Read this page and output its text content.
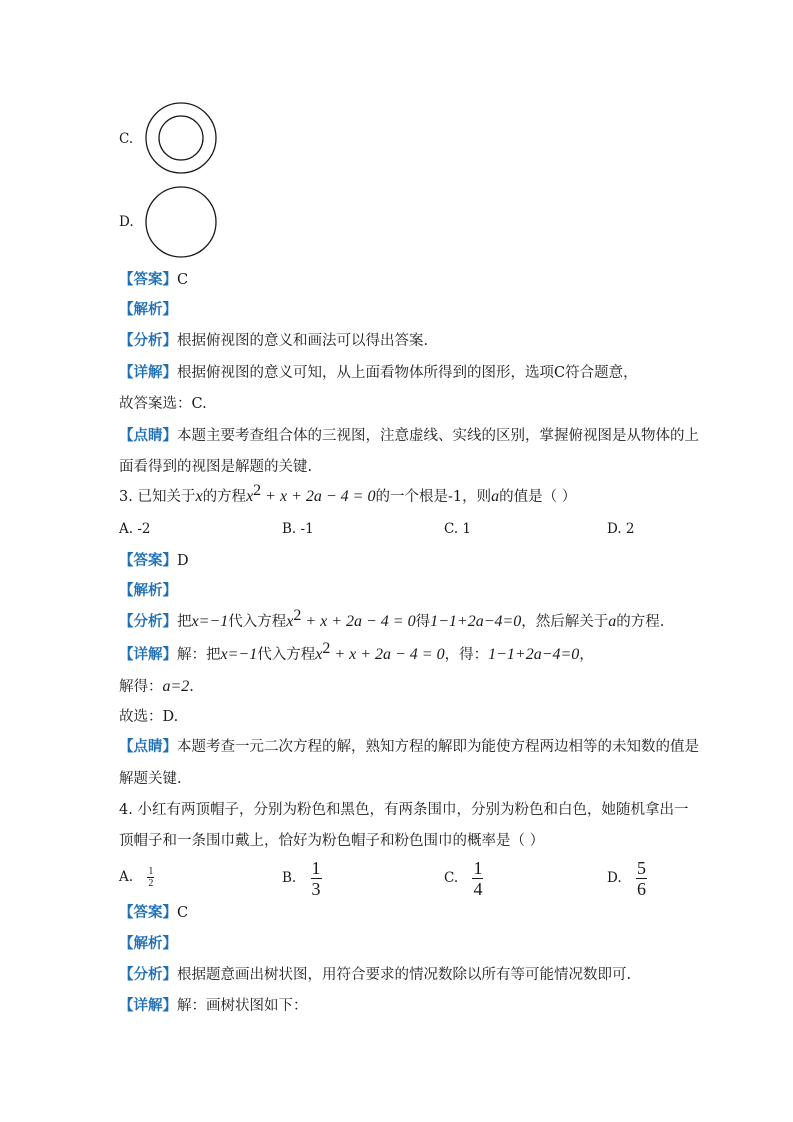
C.
D.
【答案】C
【解析】
【分析】根据俯视图的意义和画法可以得出答案.
【详解】根据俯视图的意义可知，从上面看物体所得到的图形，选项C符合题意，
故答案选：C.
【点睛】本题主要考查组合体的三视图，注意虚线、实线的区别，掌握俯视图是从物体的上
面看得到的视图是解题的关键.
3. 已知关于x的方程$x^2 + x + 2a - 4 = 0$的一个根是-1，则a的值是（ ）
A. -2	B. -1	C. 1	D. 2
【答案】D
【解析】
【分析】把x=−1代入方程$x^2 + x + 2a - 4 = 0$得1−1+2a−4=0，然后解关于a的方程.
【详解】解：把x=−1代入方程$x^2 + x + 2a - 4 = 0$，得：1−1+2a−4=0，
解得：a=2.
故选：D.
【点睛】本题考查一元二次方程的解，熟知方程的解即为能使方程两边相等的未知数的值是
解题关键.
4. 小红有两顶帽子，分别为粉色和黑色，有两条围巾，分别为粉色和白色，她随机拿出一
顶帽子和一条围巾戴上，恰好为粉色帽子和粉色围巾的概率是（ ）
A. $\frac{1}{2}$	B. $\frac{1}{3}$	C. $\frac{1}{4}$	D. $\frac{5}{6}$
【答案】C
【解析】
【分析】根据题意画出树状图，用符合要求的情况数除以所有等可能情况数即可.
【详解】解：画树状图如下：
